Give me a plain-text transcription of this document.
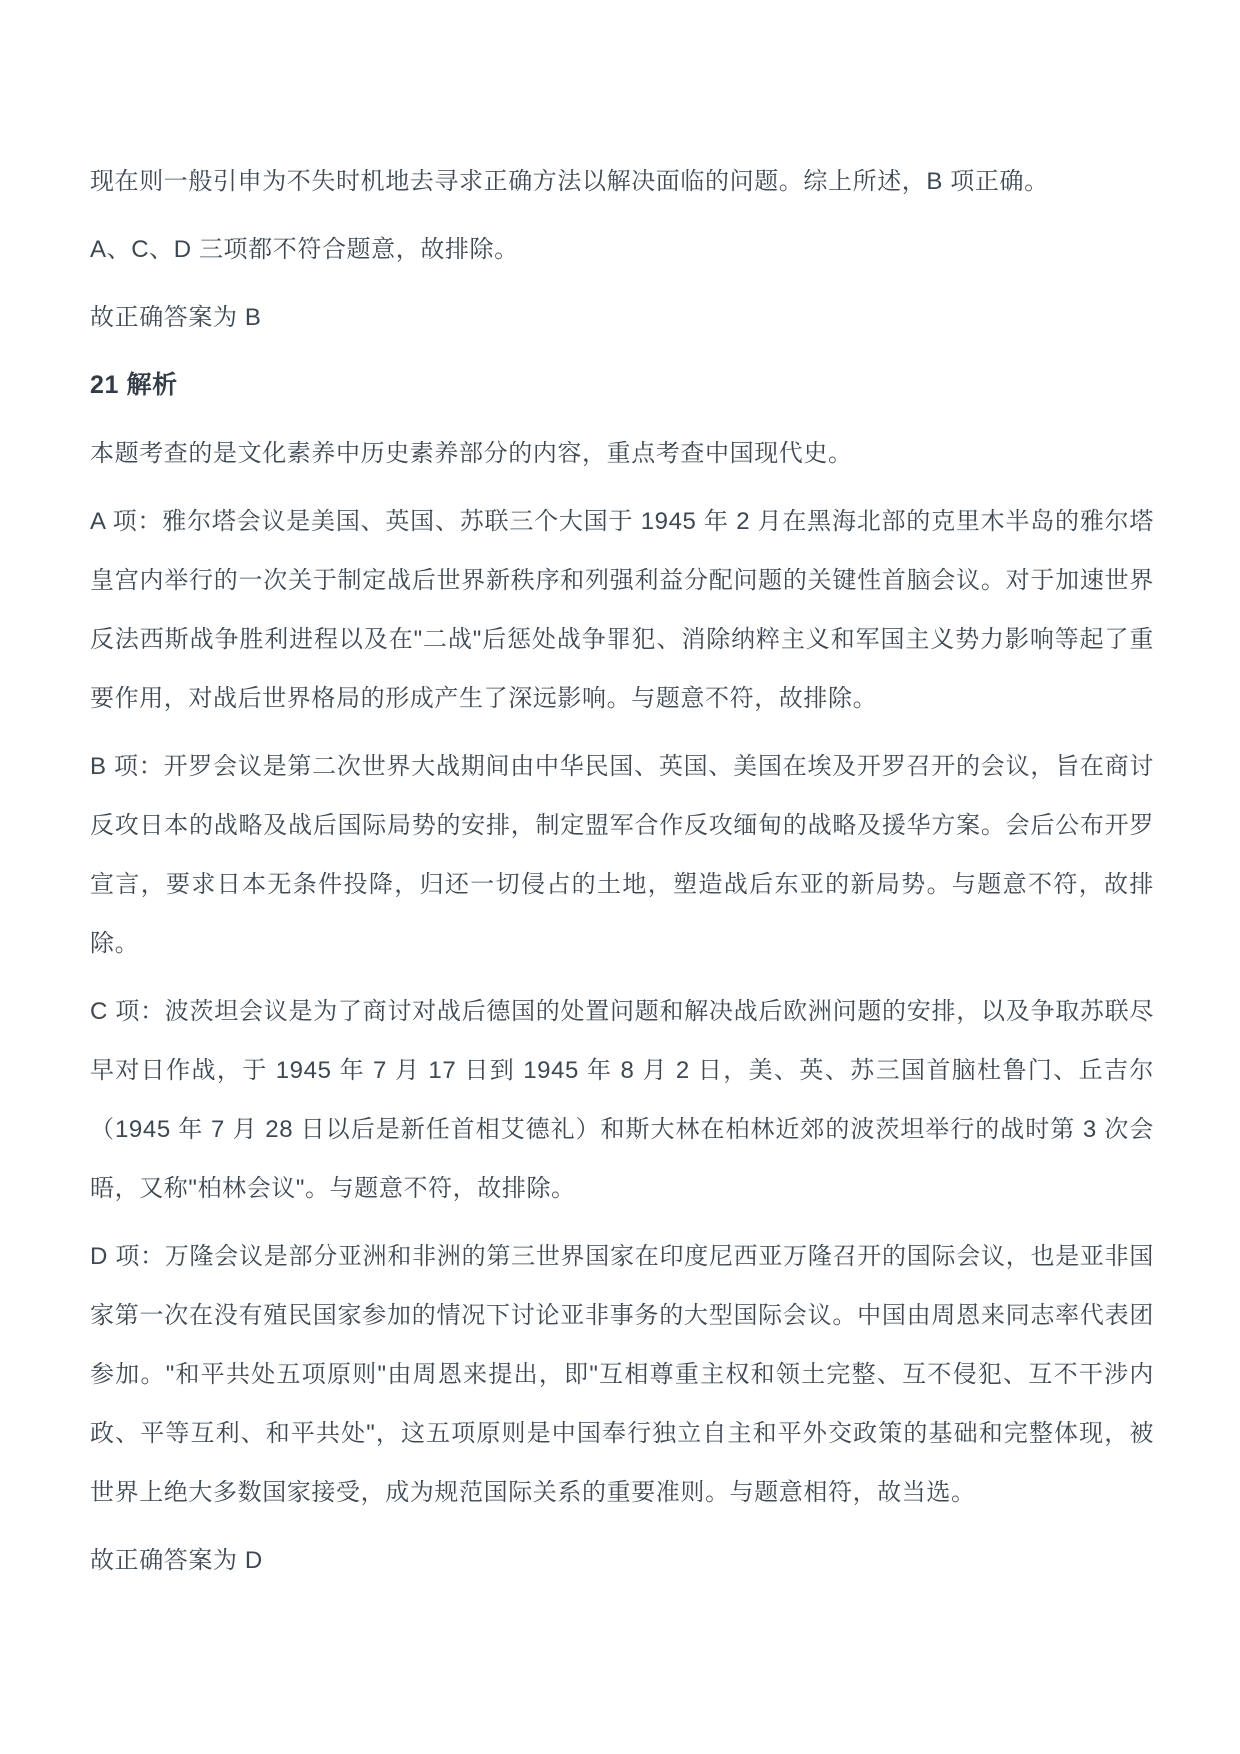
现在则一般引申为不失时机地去寻求正确方法以解决面临的问题。综上所述，B 项正确。

A、C、D 三项都不符合题意，故排除。

故正确答案为 B

21 解析

本题考查的是文化素养中历史素养部分的内容，重点考查中国现代史。

A 项：雅尔塔会议是美国、英国、苏联三个大国于 1945 年 2 月在黑海北部的克里木半岛的雅尔塔皇宫内举行的一次关于制定战后世界新秩序和列强利益分配问题的关键性首脑会议。对于加速世界反法西斯战争胜利进程以及在"二战"后惩处战争罪犯、消除纳粹主义和军国主义势力影响等起了重要作用，对战后世界格局的形成产生了深远影响。与题意不符，故排除。

B 项：开罗会议是第二次世界大战期间由中华民国、英国、美国在埃及开罗召开的会议，旨在商讨反攻日本的战略及战后国际局势的安排，制定盟军合作反攻缅甸的战略及援华方案。会后公布开罗宣言，要求日本无条件投降，归还一切侵占的土地，塑造战后东亚的新局势。与题意不符，故排除。

C 项：波茨坦会议是为了商讨对战后德国的处置问题和解决战后欧洲问题的安排，以及争取苏联尽早对日作战，于 1945 年 7 月 17 日到 1945 年 8 月 2 日，美、英、苏三国首脑杜鲁门、丘吉尔（1945 年 7 月 28 日以后是新任首相艾德礼）和斯大林在柏林近郊的波茨坦举行的战时第 3 次会晤，又称"柏林会议"。与题意不符，故排除。

D 项：万隆会议是部分亚洲和非洲的第三世界国家在印度尼西亚万隆召开的国际会议，也是亚非国家第一次在没有殖民国家参加的情况下讨论亚非事务的大型国际会议。中国由周恩来同志率代表团参加。"和平共处五项原则"由周恩来提出，即"互相尊重主权和领土完整、互不侵犯、互不干涉内政、平等互利、和平共处"，这五项原则是中国奉行独立自主和平外交政策的基础和完整体现，被世界上绝大多数国家接受，成为规范国际关系的重要准则。与题意相符，故当选。

故正确答案为 D
